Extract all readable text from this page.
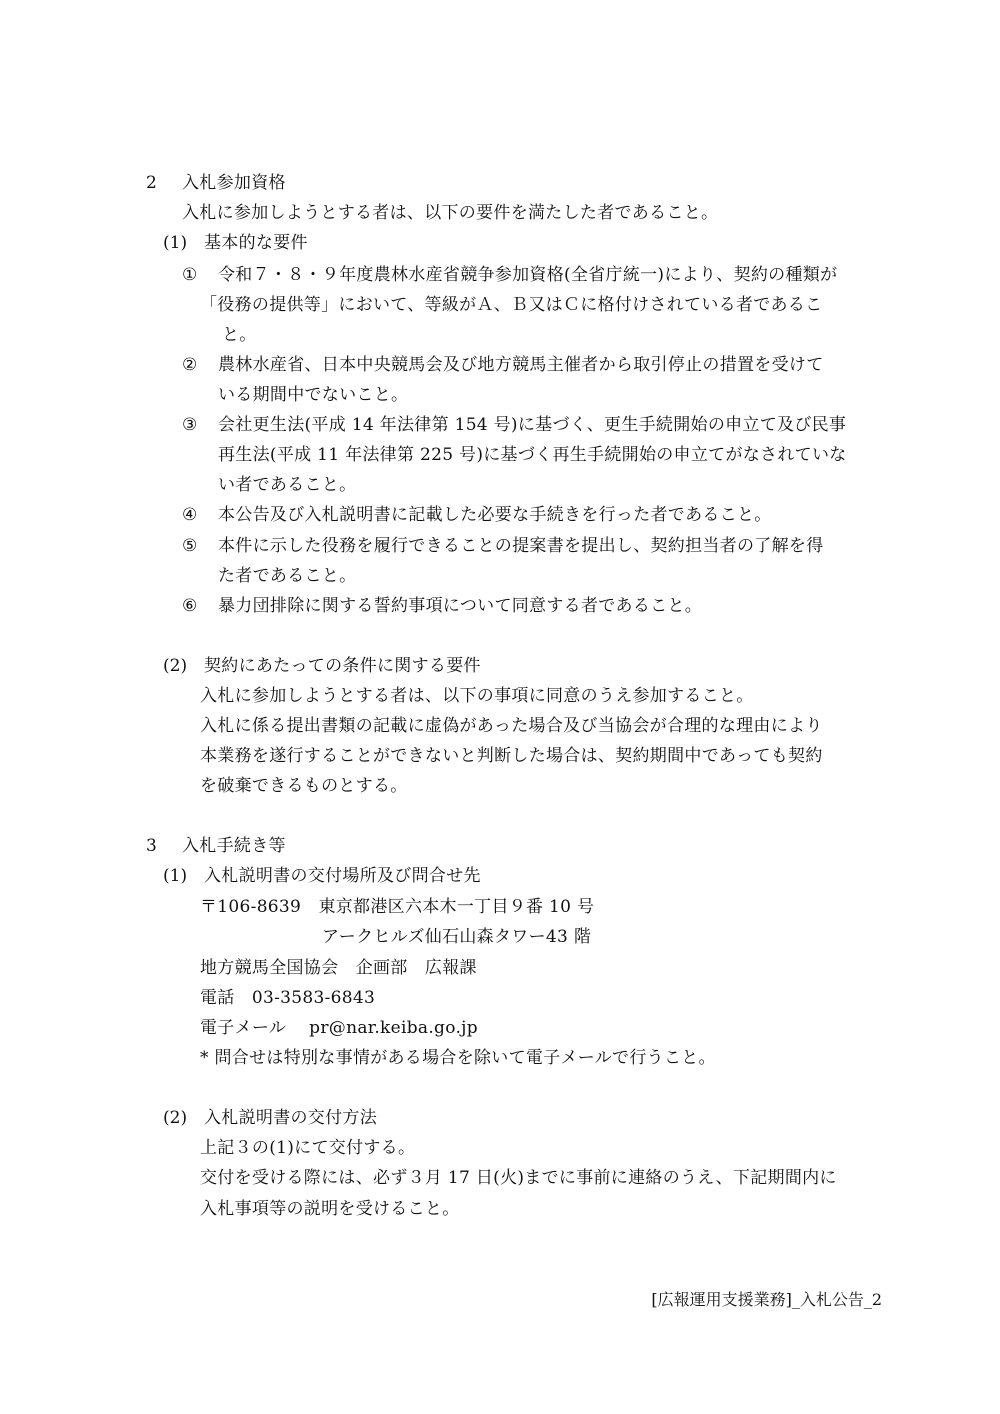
2 入札参加資格
入札に参加しようとする者は、以下の要件を満たした者であること。
(1) 基本的な要件
① 令和７・８・９年度農林水産省競争参加資格(全省庁統一)により、契約の種類が
「役務の提供等」において、等級がＡ、Ｂ又はＣに格付けされている者であるこ
と。
② 農林水産省、日本中央競馬会及び地方競馬主催者から取引停止の措置を受けて
いる期間中でないこと。
③ 会社更生法(平成 14 年法律第 154 号)に基づく、更生手続開始の申立て及び民事
再生法(平成 11 年法律第 225 号)に基づく再生手続開始の申立てがなされていな
い者であること。
④ 本公告及び入札説明書に記載した必要な手続きを行った者であること。
⑤ 本件に示した役務を履行できることの提案書を提出し、契約担当者の了解を得
た者であること。
⑥ 暴力団排除に関する誓約事項について同意する者であること。
(2) 契約にあたっての条件に関する要件
入札に参加しようとする者は、以下の事項に同意のうえ参加すること。
入札に係る提出書類の記載に虚偽があった場合及び当協会が合理的な理由により
本業務を遂行することができないと判断した場合は、契約期間中であっても契約
を破棄できるものとする。
3 入札手続き等
(1) 入札説明書の交付場所及び問合せ先
〒106-8639　東京都港区六本木一丁目９番 10 号
アークヒルズ仙石山森タワー43 階
地方競馬全国協会　企画部　広報課
電話　03-3583-6843
電子メール　 pr@nar.keiba.go.jp
* 問合せは特別な事情がある場合を除いて電子メールで行うこと。
(2) 入札説明書の交付方法
上記３の(1)にて交付する。
交付を受ける際には、必ず３月 17 日(火)までに事前に連絡のうえ、下記期間内に
入札事項等の説明を受けること。
[広報運用支援業務]_入札公告_2
